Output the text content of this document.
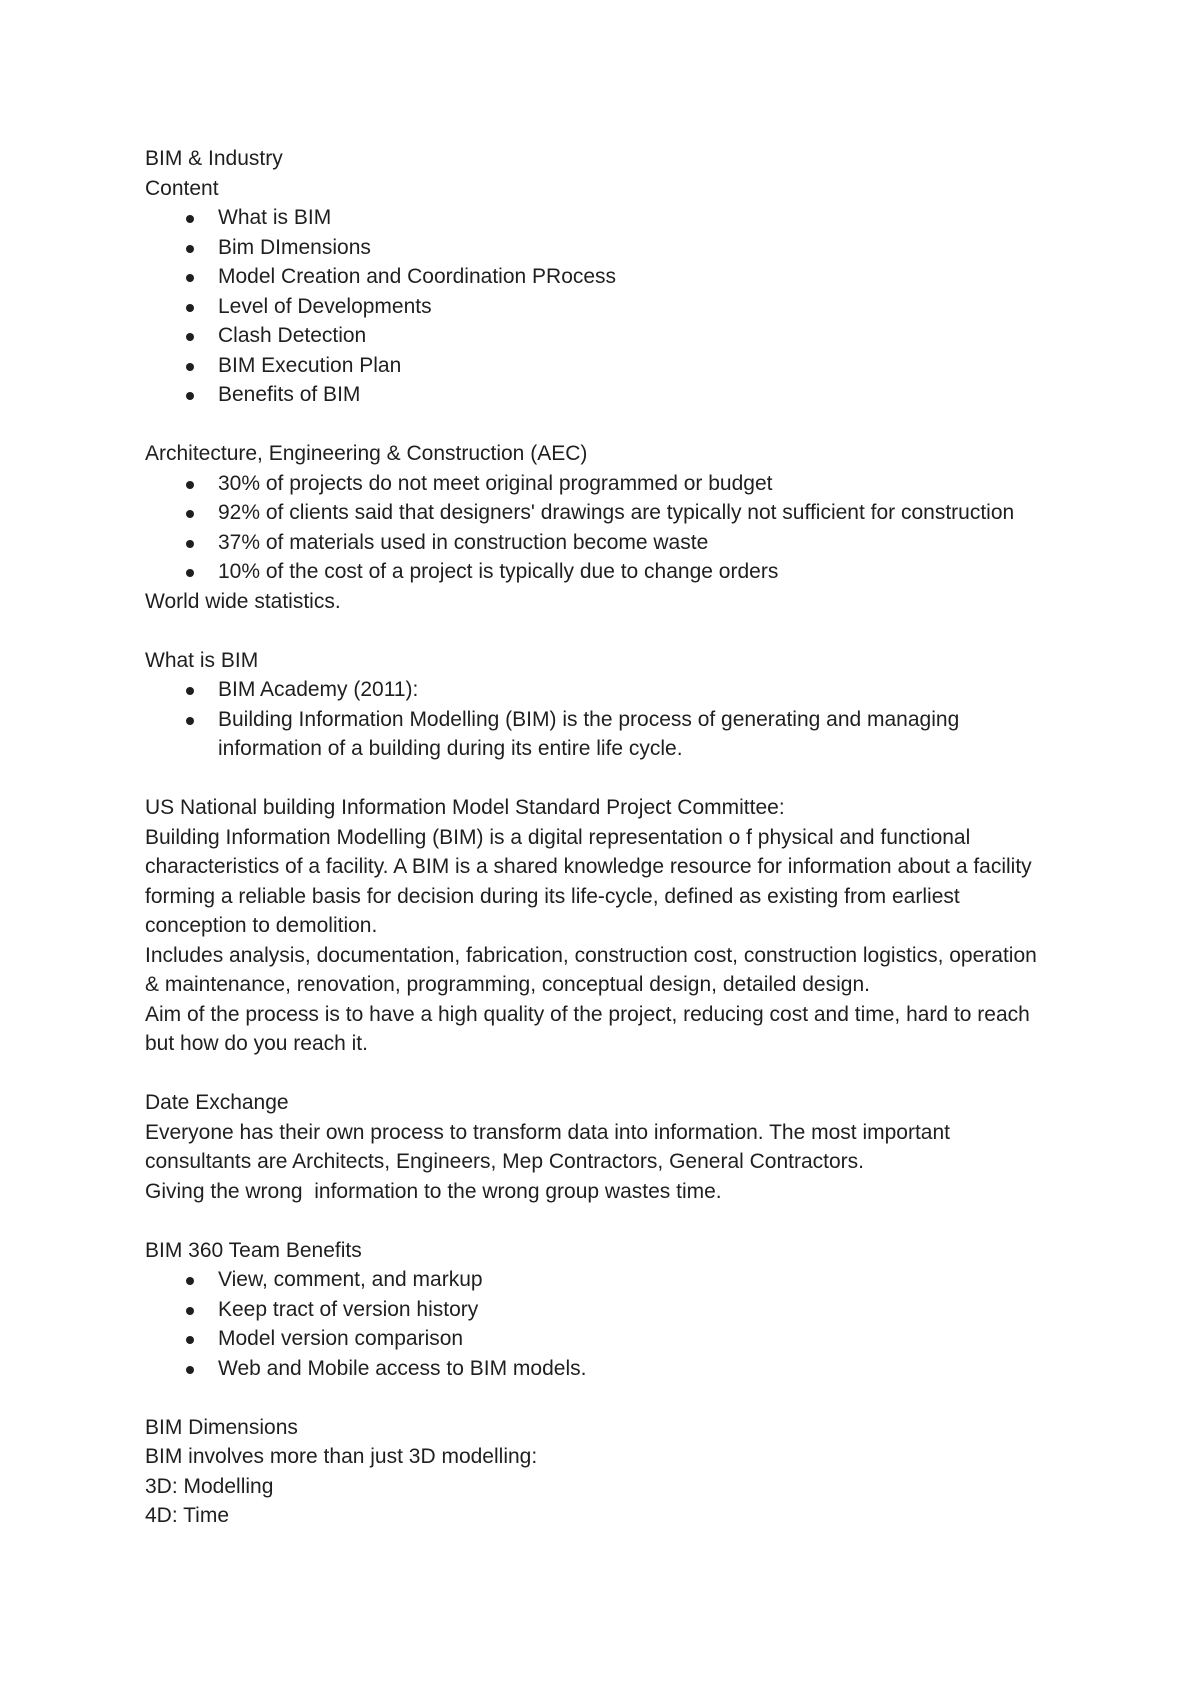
BIM & Industry

Content

What is BIM
Bim DImensions
Model Creation and Coordination PRocess
Level of Developments
Clash Detection
BIM Execution Plan
Benefits of BIM

Architecture, Engineering & Construction (AEC)

30% of projects do not meet original programmed or budget
92% of clients said that designers' drawings are typically not sufficient for construction
37% of materials used in construction become waste
10% of the cost of a project is typically due to change orders

World wide statistics.

What is BIM

BIM Academy (2011):
Building Information Modelling (BIM) is the process of generating and managing information of a building during its entire life cycle.

US National building Information Model Standard Project Committee:

Building Information Modelling (BIM) is a digital representation o f physical and functional characteristics of a facility. A BIM is a shared knowledge resource for information about a facility forming a reliable basis for decision during its life-cycle, defined as existing from earliest conception to demolition.

Includes analysis, documentation, fabrication, construction cost, construction logistics, operation & maintenance, renovation, programming, conceptual design, detailed design.

Aim of the process is to have a high quality of the project, reducing cost and time, hard to reach but how do you reach it.

Date Exchange

Everyone has their own process to transform data into information. The most important consultants are Architects, Engineers, Mep Contractors, General Contractors.

Giving the wrong  information to the wrong group wastes time.

BIM 360 Team Benefits

View, comment, and markup
Keep tract of version history
Model version comparison
Web and Mobile access to BIM models.

BIM Dimensions

BIM involves more than just 3D modelling:

3D: Modelling

4D: Time
